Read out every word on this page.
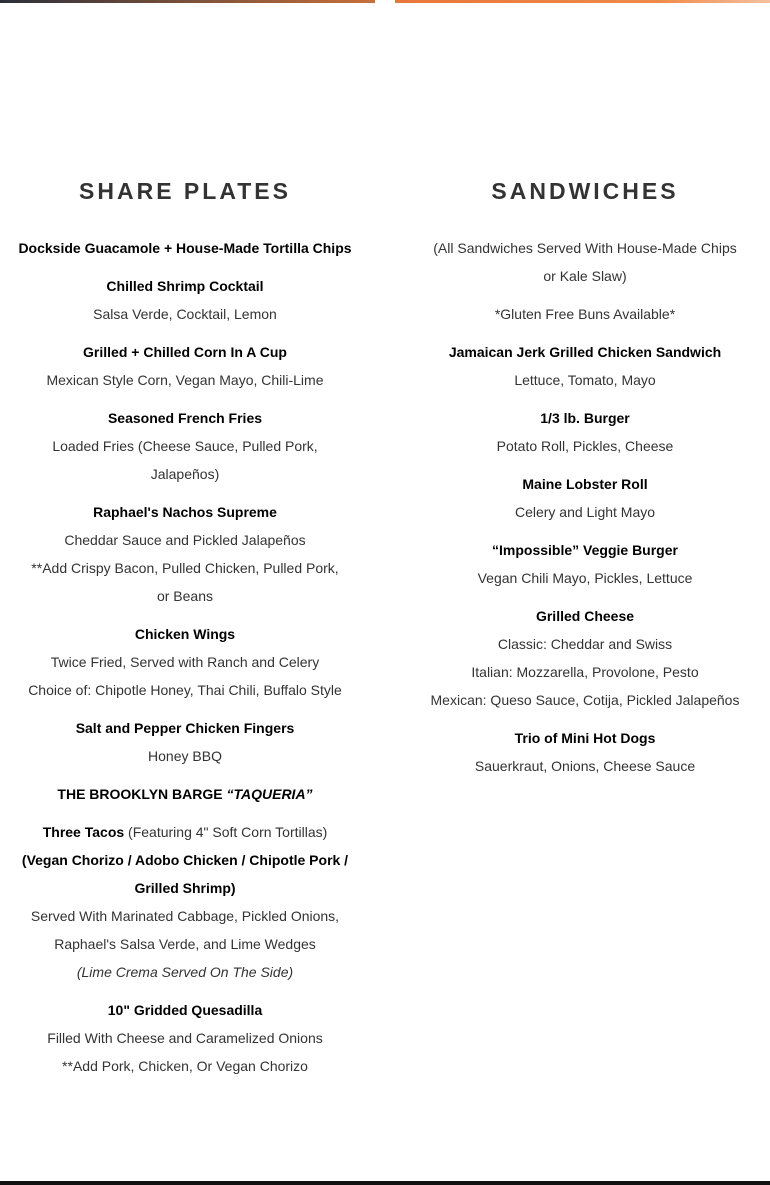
SHARE PLATES
Dockside Guacamole + House-Made Tortilla Chips
Chilled Shrimp Cocktail
Salsa Verde, Cocktail, Lemon
Grilled + Chilled Corn In A Cup
Mexican Style Corn, Vegan Mayo, Chili-Lime
Seasoned French Fries
Loaded Fries (Cheese Sauce, Pulled Pork,
Jalapeños)
Raphael's Nachos Supreme
Cheddar Sauce and Pickled Jalapeños
**Add Crispy Bacon, Pulled Chicken, Pulled Pork,
or Beans
Chicken Wings
Twice Fried, Served with Ranch and Celery
Choice of: Chipotle Honey, Thai Chili, Buffalo Style
Salt and Pepper Chicken Fingers
Honey BBQ
THE BROOKLYN BARGE “TAQUERIA”
Three Tacos (Featuring 4" Soft Corn Tortillas)
(Vegan Chorizo / Adobo Chicken / Chipotle Pork /
Grilled Shrimp)
Served With Marinated Cabbage, Pickled Onions,
Raphael's Salsa Verde, and Lime Wedges
(Lime Crema Served On The Side)
10" Gridded Quesadilla
Filled With Cheese and Caramelized Onions
**Add Pork, Chicken, Or Vegan Chorizo
SANDWICHES
(All Sandwiches Served With House-Made Chips
or Kale Slaw)
*Gluten Free Buns Available*
Jamaican Jerk Grilled Chicken Sandwich
Lettuce, Tomato, Mayo
1/3 lb. Burger
Potato Roll, Pickles, Cheese
Maine Lobster Roll
Celery and Light Mayo
“Impossible” Veggie Burger
Vegan Chili Mayo, Pickles, Lettuce
Grilled Cheese
Classic: Cheddar and Swiss
Italian: Mozzarella, Provolone, Pesto
Mexican: Queso Sauce, Cotija, Pickled Jalapeños
Trio of Mini Hot Dogs
Sauerkraut, Onions, Cheese Sauce
